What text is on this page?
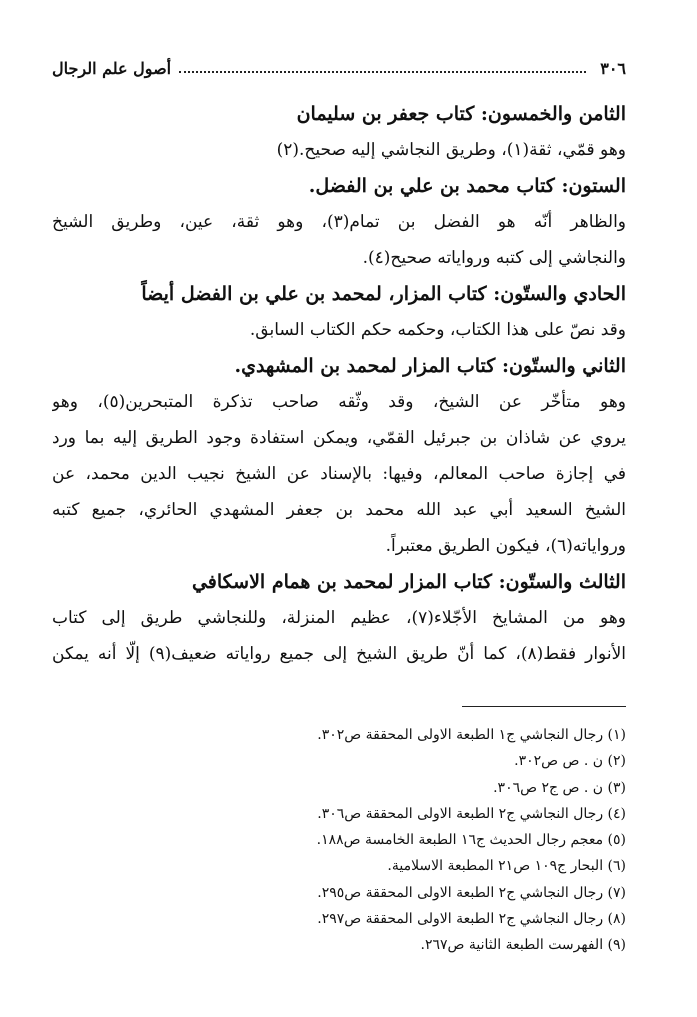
٣٠٦
أصول علم الرجال
الثامن والخمسون: كتاب جعفر بن سليمان
وهو قمّي، ثقة(١)، وطريق النجاشي إليه صحيح.(٢)
الستون: كتاب محمد بن علي بن الفضل.
والظاهر أنّه هو الفضل بن تمام(٣)، وهو ثقة، عين، وطريق الشيخ
والنجاشي إلى كتبه ورواياته صحيح(٤).
الحادي والستّون: كتاب المزار، لمحمد بن علي بن الفضل أيضاً
وقد نصّ على هذا الكتاب، وحكمه حكم الكتاب السابق.
الثاني والستّون: كتاب المزار لمحمد بن المشهدي.
وهو متأخّر عن الشيخ، وقد وثّقه صاحب تذكرة المتبحرين(٥)، وهو
يروي عن شاذان بن جبرئيل القمّي، ويمكن استفادة وجود الطريق إليه بما ورد
في إجازة صاحب المعالم، وفيها: بالإسناد عن الشيخ نجيب الدين محمد، عن
الشيخ السعيد أبي عبد الله محمد بن جعفر المشهدي الحائري، جميع كتبه
ورواياته(٦)، فيكون الطريق معتبراً.
الثالث والستّون: كتاب المزار لمحمد بن همام الاسكافي
وهو من المشايخ الأجّلاء(٧)، عظيم المنزلة، وللنجاشي طريق إلى كتاب
الأنوار فقط(٨)، كما أنّ طريق الشيخ إلى جميع رواياته ضعيف(٩) إلّا أنه يمكن
(١) رجال النجاشي ج١ الطبعة الاولى المحققة ص٣٠٢.
(٢) ن . ص ص٣٠٢.
(٣) ن . ص ج٢ ص٣٠٦.
(٤) رجال النجاشي ج٢ الطبعة الاولى المحققة ص٣٠٦.
(٥) معجم رجال الحديث ج١٦ الطبعة الخامسة ص١٨٨.
(٦) البحار ج١٠٩ ص٢١ المطبعة الاسلامية.
(٧) رجال النجاشي ج٢ الطبعة الاولى المحققة ص٢٩٥.
(٨) رجال النجاشي ج٢ الطبعة الاولى المحققة ص٢٩٧.
(٩) الفهرست الطبعة الثانية ص٢٦٧.
